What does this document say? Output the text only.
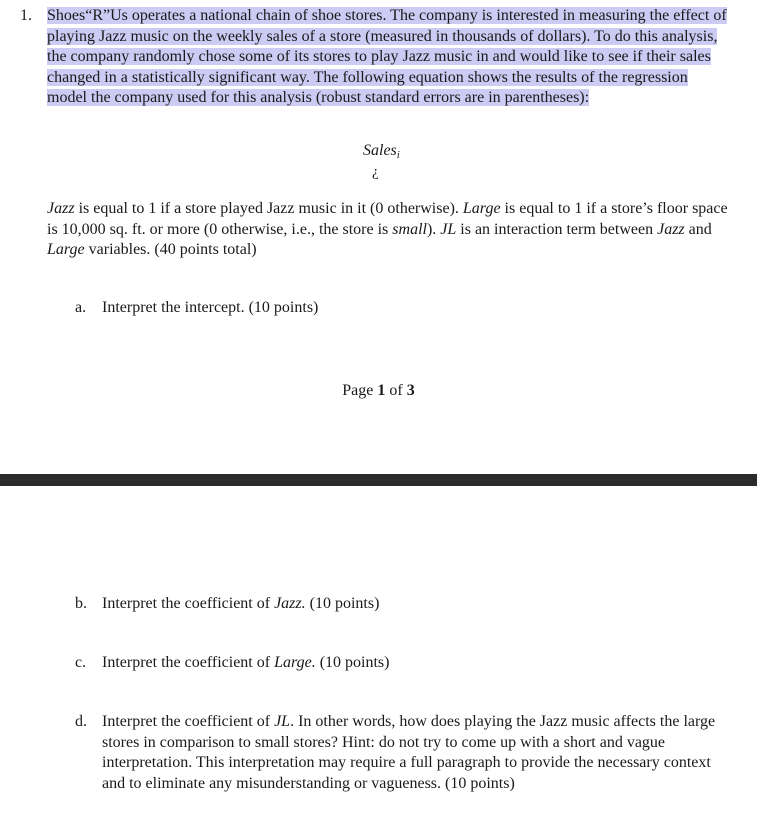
1. Shoes“R”Us operates a national chain of shoe stores. The company is interested in measuring the effect of playing Jazz music on the weekly sales of a store (measured in thousands of dollars). To do this analysis, the company randomly chose some of its stores to play Jazz music in and would like to see if their sales changed in a statistically significant way. The following equation shows the results of the regression model the company used for this analysis (robust standard errors are in parentheses):
Salesi
¿
Jazz is equal to 1 if a store played Jazz music in it (0 otherwise). Large is equal to 1 if a store’s floor space is 10,000 sq. ft. or more (0 otherwise, i.e., the store is small). JL is an interaction term between Jazz and Large variables. (40 points total)
a. Interpret the intercept. (10 points)
Page 1 of 3
b. Interpret the coefficient of Jazz. (10 points)
c. Interpret the coefficient of Large. (10 points)
d. Interpret the coefficient of JL. In other words, how does playing the Jazz music affects the large stores in comparison to small stores? Hint: do not try to come up with a short and vague interpretation. This interpretation may require a full paragraph to provide the necessary context and to eliminate any misunderstanding or vagueness. (10 points)
